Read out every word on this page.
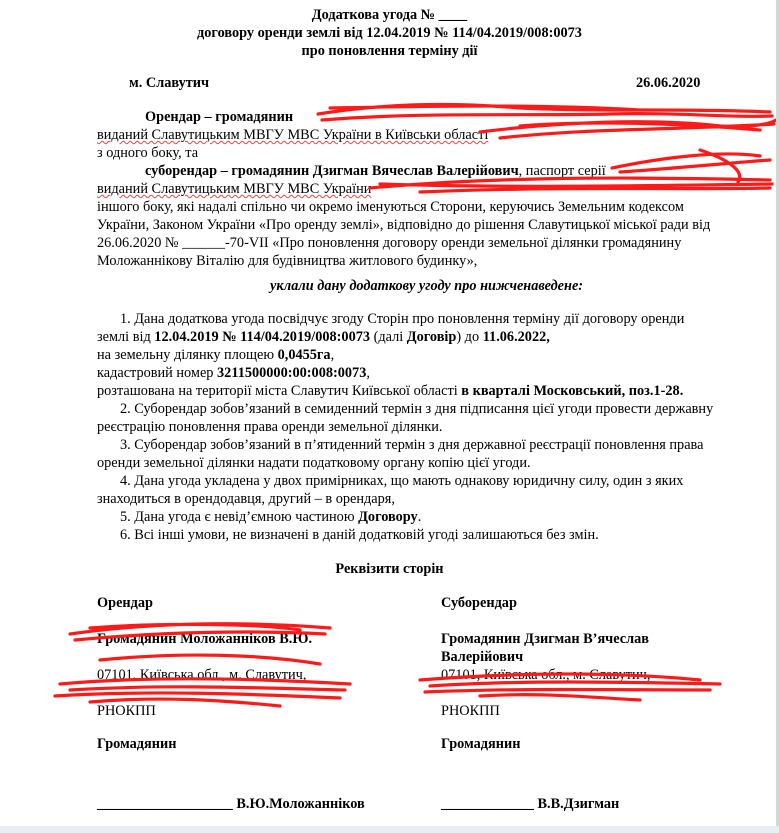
Додаткова угода № ____
договору оренди землі від 12.04.2019 № 114/04.2019/008:0073
про поновлення терміну дії
м. Славутич	26.06.2020
Орендар – громадянин
виданий Славутицьким МВГУ МВС України в Київськи області
з одного боку, та
суборендар – громадянин Дзигман Вячеслав Валерійович, паспорт серії
виданий Славутицьким МВГУ МВС України
іншого боку, які надалі спільно чи окремо іменуються Сторони, керуючись Земельним кодексом
України, Законом України «Про оренду землі», відповідно до рішення Славутицької міської ради від
26.06.2020 № ______-70-VII «Про поновлення договору оренди земельної ділянки громадянину
Моложаннікову Віталію для будівництва житлового будинку»,
уклали дану додаткову угоду про нижченаведене:
1. Дана додаткова угода посвідчує згоду Сторін про поновлення терміну дії договору оренди
землі від 12.04.2019 № 114/04.2019/008:0073 (далі Договір) до 11.06.2022,
на земельну ділянку площею 0,0455га,
кадастровий номер 3211500000:00:008:0073,
розташована на території міста Славутич Київської області в кварталі Московський, поз.1-28.
2. Суборендар зобов’язаний в семиденний термін з дня підписання цієї угоди провести державну
реєстрацію поновлення права оренди земельної ділянки.
3. Суборендар зобов’язаний в п’ятиденний термін з дня державної реєстрації поновлення права
оренди земельної ділянки надати податковому органу копію цієї угоди.
4. Дана угода укладена у двох примірниках, що мають однакову юридичну силу, один з яких
знаходиться в орендодавця, другий – в орендаря,
5. Дана угода є невід’ємною частиною Договору.
6. Всі інші умови, не визначені в даній додатковій угоді залишаються без змін.
Реквізити сторін
Орендар	Суборендар
Громадянин Моложанніков В.Ю.	Громадянин Дзигман В’ячеслав
Валерійович
07101, Київська обл., м. Славутич,	07101, Київська обл., м. Славутич,
РНОКПП	РНОКПП
Громадянин	Громадянин
___________________ В.Ю.Моложанніков	_____________ В.В.Дзигман
